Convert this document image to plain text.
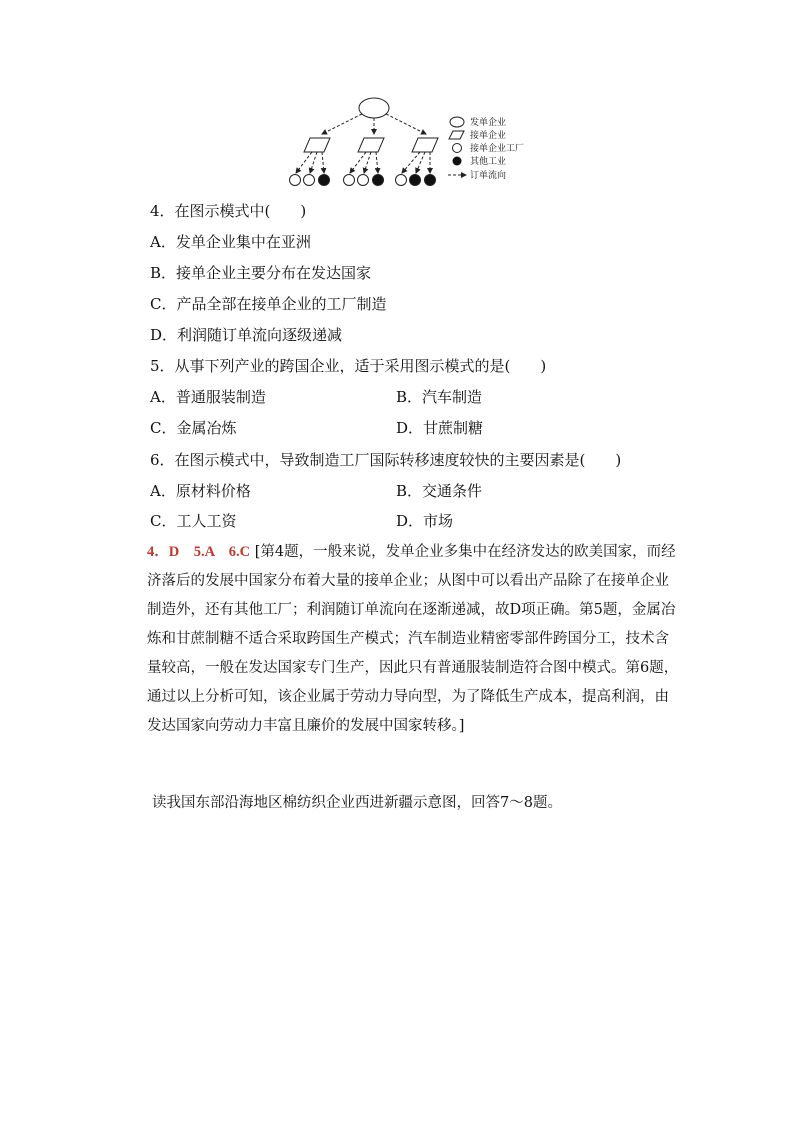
发单企业
接单企业
接单企业工厂
其他工业
订单流向
4．在图示模式中(　　)
A．发单企业集中在亚洲
B．接单企业主要分布在发达国家
C．产品全部在接单企业的工厂制造
D．利润随订单流向逐级递减
5．从事下列产业的跨国企业，适于采用图示模式的是(　　)
A．普通服装制造	B．汽车制造
C．金属冶炼	D．甘蔗制糖
6．在图示模式中，导致制造工厂国际转移速度较快的主要因素是(　　)
A．原材料价格	B．交通条件
C．工人工资	D．市场
4．D　5.A　6.C [第4题，一般来说，发单企业多集中在经济发达的欧美国家，而经济落后的发展中国家分布着大量的接单企业；从图中可以看出产品除了在接单企业制造外，还有其他工厂；利润随订单流向在逐渐递减，故D项正确。第5题，金属冶炼和甘蔗制糖不适合采取跨国生产模式；汽车制造业精密零部件跨国分工，技术含量较高，一般在发达国家专门生产，因此只有普通服装制造符合图中模式。第6题，通过以上分析可知，该企业属于劳动力导向型，为了降低生产成本，提高利润，由发达国家向劳动力丰富且廉价的发展中国家转移。]
读我国东部沿海地区棉纺织企业西进新疆示意图，回答7～8题。
